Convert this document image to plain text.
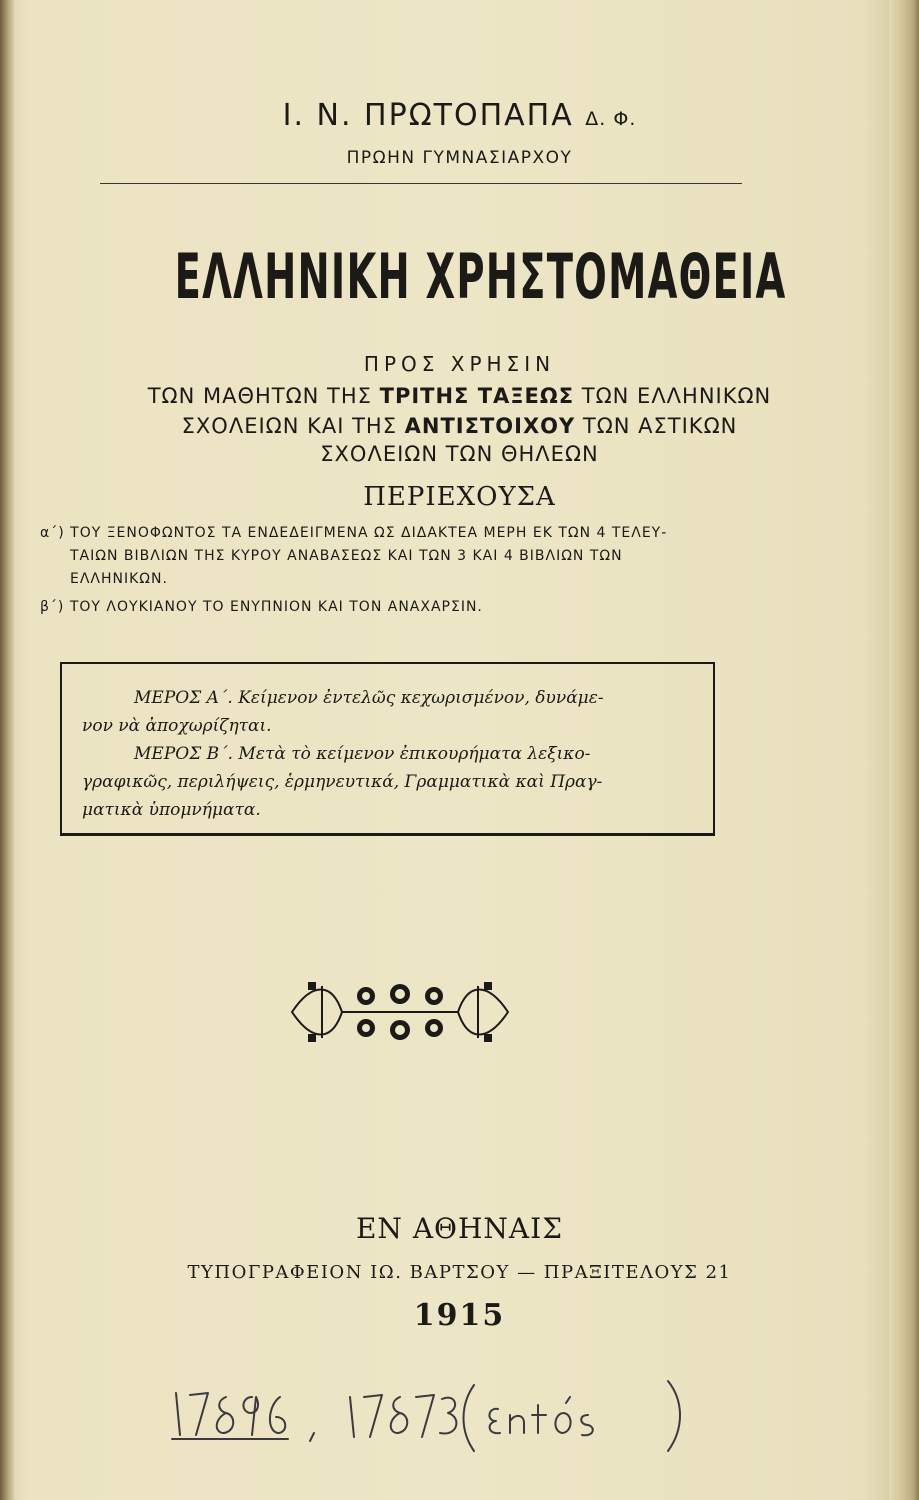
Ι. Ν. ΠΡΩΤΟΠΑΠΑ Δ. Φ.
ΠΡΩΗΝ ΓΥΜΝΑΣΙΑΡΧΟΥ
ΕΛΛΗΝΙΚΗ ΧΡΗΣΤΟΜΑΘΕΙΑ
ΠΡΟΣ ΧΡΗΣΙΝ
ΤΩΝ ΜΑΘΗΤΩΝ ΤΗΣ ΤΡΙΤΗΣ ΤΑΞΕΩΣ ΤΩΝ ΕΛΛΗΝΙΚΩΝ
ΣΧΟΛΕΙΩΝ ΚΑΙ ΤΗΣ ΑΝΤΙΣΤΟΙΧΟΥ ΤΩΝ ΑΣΤΙΚΩΝ
ΣΧΟΛΕΙΩΝ ΤΩΝ ΘΗΛΕΩΝ
ΠΕΡΙΕΧΟΥΣΑ
α΄) ΤΟΥ ΞΕΝΟΦΩΝΤΟΣ ΤΑ ΕΝΔΕΔΕΙΓΜΕΝΑ ΩΣ ΔΙΔΑΚΤΕΑ ΜΕΡΗ ΕΚ ΤΩΝ 4 ΤΕΛΕΥ-
ΤΑΙΩΝ ΒΙΒΛΙΩΝ ΤΗΣ ΚΥΡΟΥ ΑΝΑΒΑΣΕΩΣ ΚΑΙ ΤΩΝ 3 ΚΑΙ 4 ΒΙΒΛΙΩΝ ΤΩΝ
ΕΛΛΗΝΙΚΩΝ.
β΄) ΤΟΥ ΛΟΥΚΙΑΝΟΥ ΤΟ ΕΝΥΠΝΙΟΝ ΚΑΙ ΤΟΝ ΑΝΑΧΑΡΣΙΝ.
ΜΕΡΟΣ Α΄. Κείμενον ἐντελῶς κεχωρισμένον, δυνάμε-
νον νὰ ἀποχωρίζηται.
ΜΕΡΟΣ Β΄. Μετὰ τὸ κείμενον ἐπικουρήματα λεξικο-
γραφικῶς, περιλήψεις, ἑρμηνευτικά, Γραμματικὰ καὶ Πραγ-
ματικὰ ὑπομνήματα.
ΕΝ ΑΘΗΝΑΙΣ
ΤΥΠΟΓΡΑΦΕΙΟΝ ΙΩ. ΒΑΡΤΣΟΥ — ΠΡΑΞΙΤΕΛΟΥΣ 21
1915
